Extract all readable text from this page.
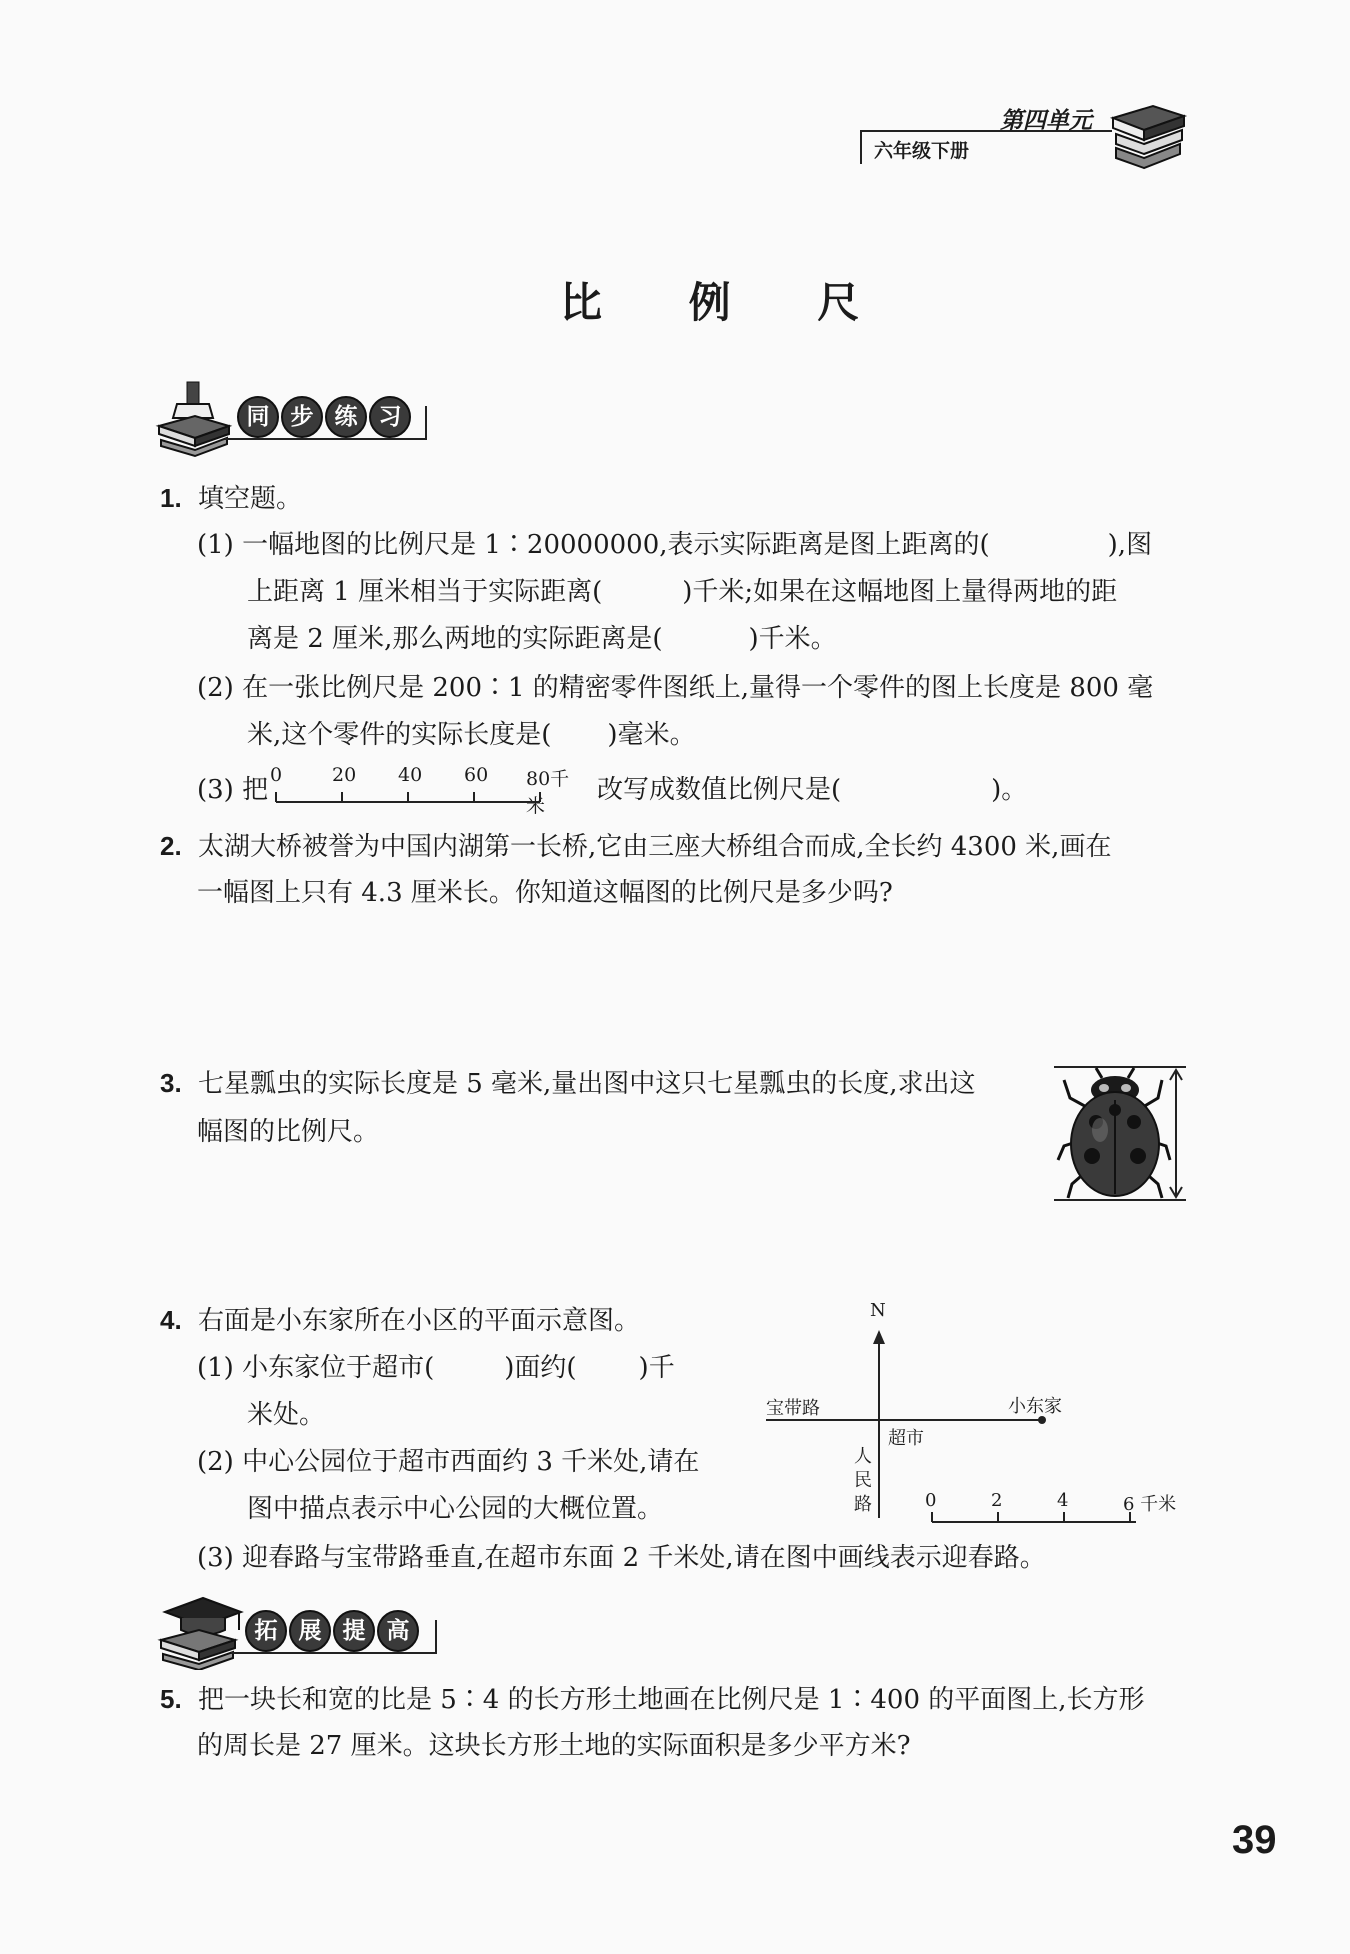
六年级下册
第四单元
比 例 尺
同 步 练 习
1. 填空题。
(1) 一幅地图的比例尺是 1∶20000000,表示实际距离是图上距离的(	),图
上距离 1 厘米相当于实际距离(	)千米;如果在这幅地图上量得两地的距
离是 2 厘米,那么两地的实际距离是(	)千米。
(2) 在一张比例尺是 200∶1 的精密零件图纸上,量得一个零件的图上长度是 800 毫
米,这个零件的实际长度是( )毫米。
(3) 把 0	20 40 60 80千米
改写成数值比例尺是(	)。
2. 太湖大桥被誉为中国内湖第一长桥,它由三座大桥组合而成,全长约 4300 米,画在
一幅图上只有 4.3 厘米长。你知道这幅图的比例尺是多少吗?
3. 七星瓢虫的实际长度是 5 毫米,量出图中这只七星瓢虫的长度,求出这
幅图的比例尺。
4. 右面是小东家所在小区的平面示意图。
(1) 小东家位于超市(	)面约( )千
米处。
(2) 中心公园位于超市西面约 3 千米处,请在
图中描点表示中心公园的大概位置。
(3) 迎春路与宝带路垂直,在超市东面 2 千米处,请在图中画线表示迎春路。
N
宝带路	小东家
超市
人
民
路	0	2	4	6 千米
拓 展 提 高
5. 把一块长和宽的比是 5∶4 的长方形土地画在比例尺是 1∶400 的平面图上,长方形
的周长是 27 厘米。这块长方形土地的实际面积是多少平方米?
39
